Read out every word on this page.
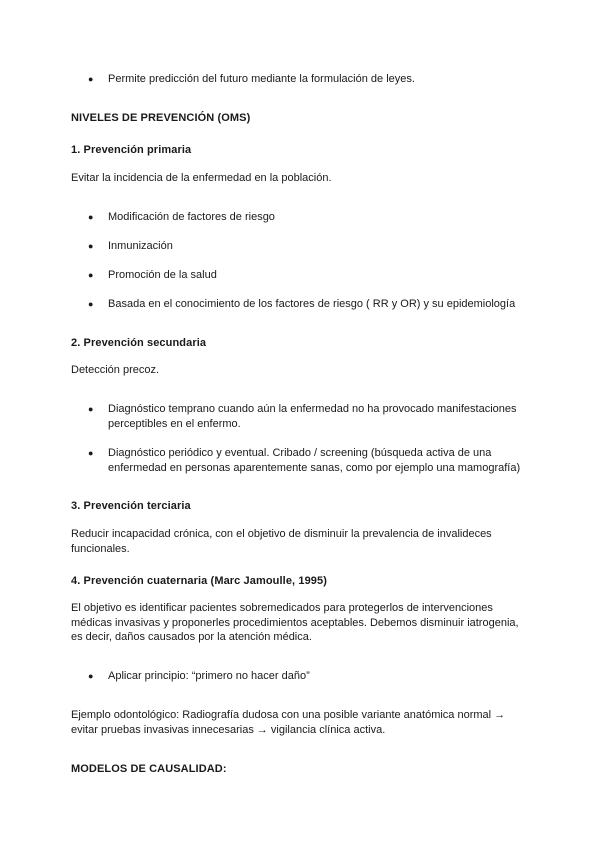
● Permite predicción del futuro mediante la formulación de leyes.
NIVELES DE PREVENCIÓN (OMS)
1. Prevención primaria
Evitar la incidencia de la enfermedad en la población.
● Modificación de factores de riesgo
● Inmunización
● Promoción de la salud
● Basada en el conocimiento de los factores de riesgo ( RR y OR) y su epidemiología
2. Prevención secundaria
Detección precoz.
● Diagnóstico temprano cuando aún la enfermedad no ha provocado manifestaciones perceptibles en el enfermo.
● Diagnóstico periódico y eventual. Cribado / screening (búsqueda activa de una enfermedad en personas aparentemente sanas, como por ejemplo una mamografía)
3. Prevención terciaria
Reducir incapacidad crónica, con el objetivo de disminuir la prevalencia de invalideces funcionales.
4. Prevención cuaternaria (Marc Jamoulle, 1995)
El objetivo es identificar pacientes sobremedicados para protegerlos de intervenciones médicas invasivas y proponerles procedimientos aceptables. Debemos disminuir iatrogenia, es decir, daños causados por la atención médica.
● Aplicar principio: “primero no hacer daño”
Ejemplo odontológico: Radiografía dudosa con una posible variante anatómica normal → evitar pruebas invasivas innecesarias → vigilancia clínica activa.
MODELOS DE CAUSALIDAD:
